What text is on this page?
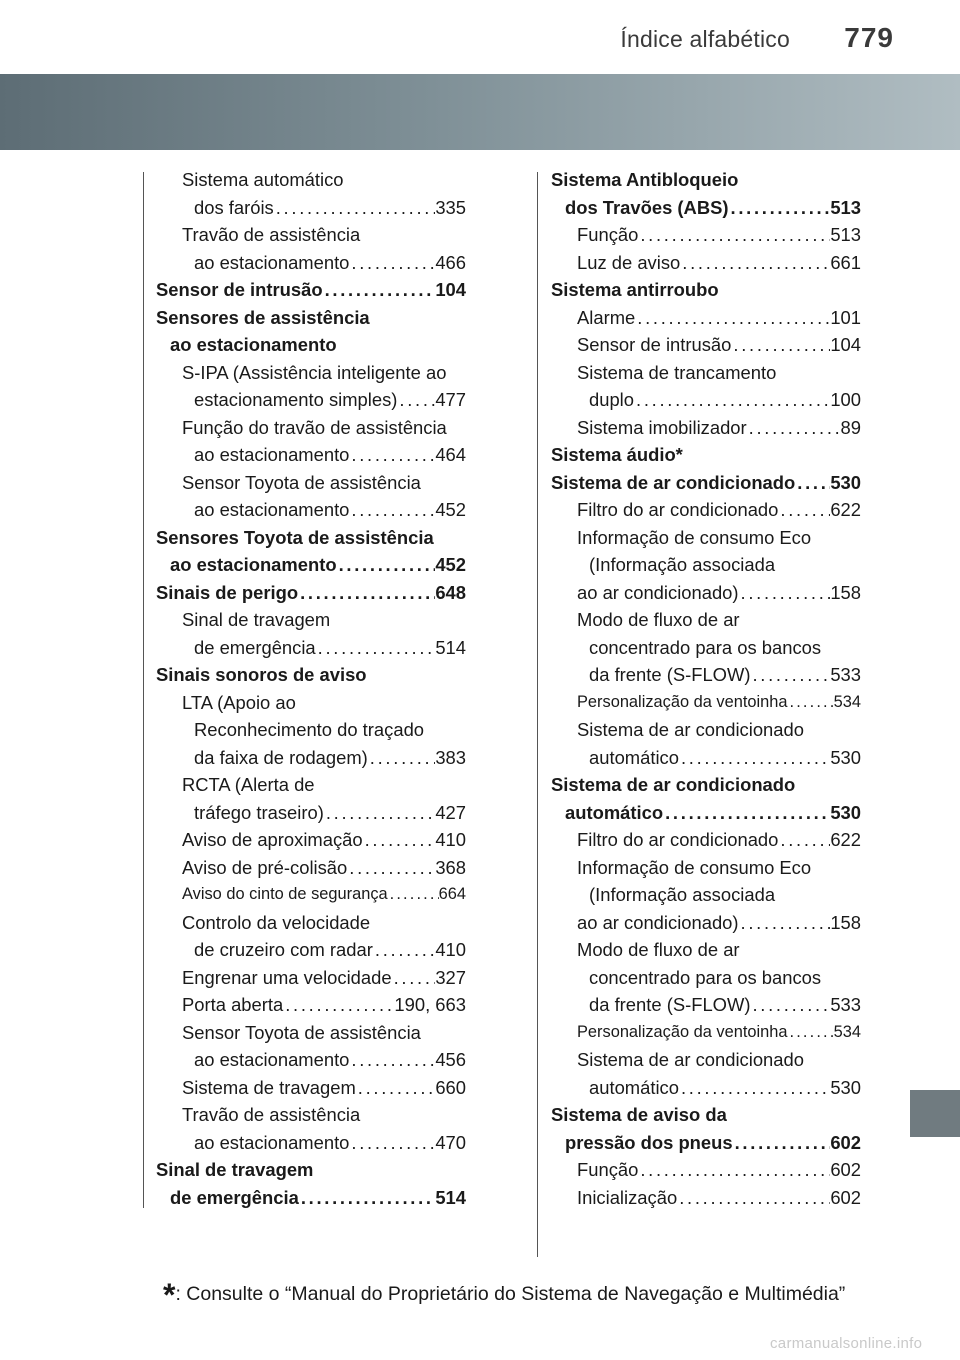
Índice alfabético 779
Sistema automático
dos faróis . . .	335
Travão de assistência
ao estacionamento . . .	466
Sensor de intrusão . . .	104
Sensores de assistência
ao estacionamento
S-IPA (Assistência inteligente ao
estacionamento simples) . . . 477
Função do travão de assistência
ao estacionamento . . .	464
Sensor Toyota de assistência
ao estacionamento . . .	452
Sensores Toyota de assistência
ao estacionamento . . .	452
Sinais de perigo . . .	648
Sinal de travagem
de emergência . . .	514
Sinais sonoros de aviso
LTA (Apoio ao
Reconhecimento do traçado
da faixa de rodagem) . . .	383
RCTA (Alerta de
tráfego traseiro) . . .	427
Aviso de aproximação . . .	410
Aviso de pré-colisão . . .	368
Aviso do cinto de segurança . . .	664
Controlo da velocidade
de cruzeiro com radar . . .	410
Engrenar uma velocidade . . . 327
Porta aberta . . .	190, 663
Sensor Toyota de assistência
ao estacionamento . . .	456
Sistema de travagem . . .	660
Travão de assistência
ao estacionamento . . .	470
Sinal de travagem
de emergência . . .	514
Sistema Antibloqueio
dos Travões (ABS) . . .	513
Função . . .	513
Luz de aviso . . .	661
Sistema antirroubo
Alarme . . .	101
Sensor de intrusão . . .	104
Sistema de trancamento
duplo . . .	100
Sistema imobilizador . . .	89
Sistema áudio*
Sistema de ar condicionado . . . 530
Filtro do ar condicionado . . .	622
Informação de consumo Eco
(Informação associada
ao ar condicionado) . . .	158
Modo de fluxo de ar
concentrado para os bancos
da frente (S-FLOW) . . .	533
Personalização da ventoinha . . .	534
Sistema de ar condicionado
automático . . .	530
Sistema de ar condicionado
automático . . .	530
Filtro do ar condicionado . . .	622
Informação de consumo Eco
(Informação associada
ao ar condicionado) . . .	158
Modo de fluxo de ar
concentrado para os bancos
da frente (S-FLOW) . . .	533
Personalização da ventoinha . . .	534
Sistema de ar condicionado
automático . . .	530
Sistema de aviso da
pressão dos pneus . . .	602
Função . . .	602
Inicialização . . .	602
*: Consulte o “Manual do Proprietário do Sistema de Navegação e Multimédia”
carmanualsonline.info
